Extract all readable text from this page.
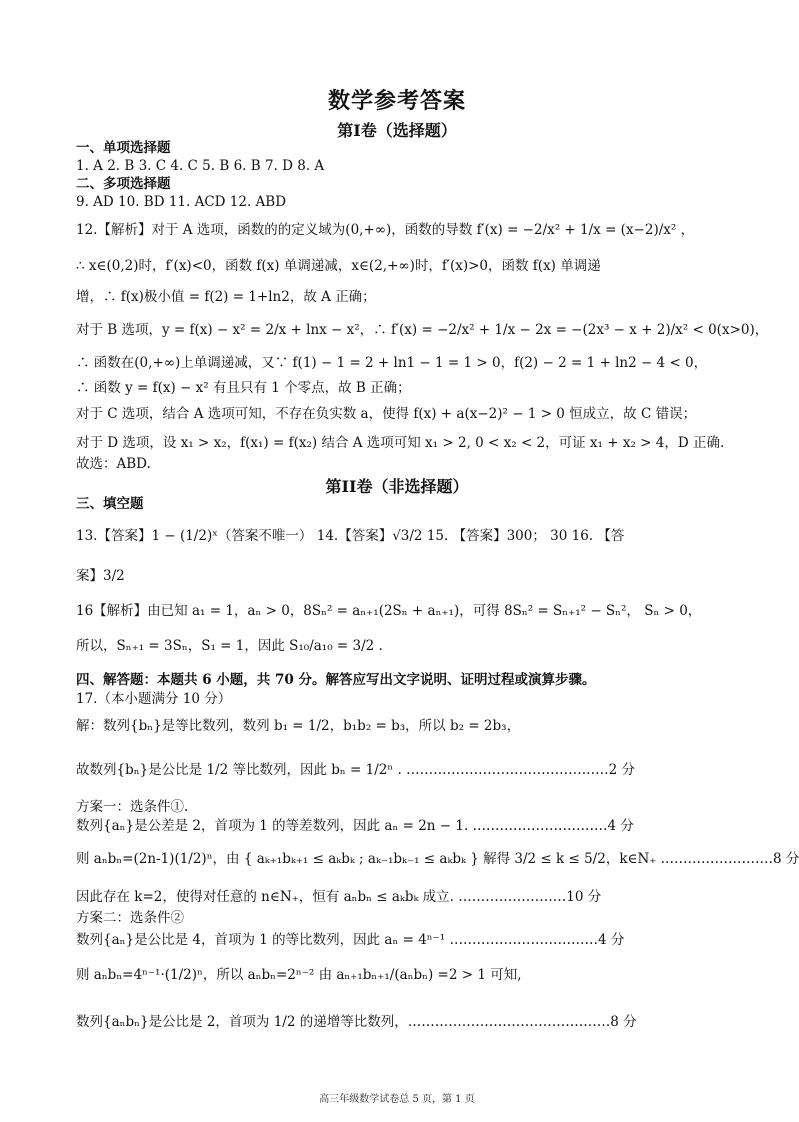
数学参考答案
第Ⅰ卷（选择题）
一、单项选择题
1. A 2. B 3. C 4. C 5. B 6. B 7. D 8. A
二、多项选择题
9. AD 10. BD 11. ACD 12. ABD
12.【解析】对于 A 选项，函数的的定义域为(0,+∞)，函数的导数 f′(x) = −2/x² + 1/x = (x−2)/x² ，
∴ x∈(0,2)时，f′(x)<0，函数 f(x) 单调递减，x∈(2,+∞)时，f′(x)>0，函数 f(x) 单调递
增，∴ f(x)极小值 = f(2) = 1+ln2，故 A 正确；
对于 B 选项，y = f(x) − x² = 2/x + lnx − x²，∴ f′(x) = −2/x² + 1/x − 2x = −(2x³ − x + 2)/x² < 0(x>0)，
∴ 函数在(0,+∞)上单调递减，又∵ f(1) − 1 = 2 + ln1 − 1 = 1 > 0，f(2) − 2 = 1 + ln2 − 4 < 0，
∴ 函数 y = f(x) − x² 有且只有 1 个零点，故 B 正确；
对于 C 选项，结合 A 选项可知，不存在负实数 a，使得 f(x) + a(x−2)² − 1 > 0 恒成立，故 C 错误；
对于 D 选项，设 x₁ > x₂，f(x₁) = f(x₂) 结合 A 选项可知 x₁ > 2, 0 < x₂ < 2，可证 x₁ + x₂ > 4，D 正确.
故选：ABD.
第II卷（非选择题）
三、填空题
13.【答案】1 − (1/2)ˣ（答案不唯一） 14.【答案】√3/2 15. 【答案】300； 30 16. 【答
案】3/2
16【解析】由已知 a₁ = 1，aₙ > 0，8Sₙ² = aₙ₊₁(2Sₙ + aₙ₊₁)，可得 8Sₙ² = Sₙ₊₁² − Sₙ²， Sₙ > 0，
所以，Sₙ₊₁ = 3Sₙ，S₁ = 1，因此 S₁₀/a₁₀ = 3/2 .
四、解答题：本题共 6 小题，共 70 分。解答应写出文字说明、证明过程或演算步骤。
17.（本小题满分 10 分）
解：数列{bₙ}是等比数列，数列 b₁ = 1/2，b₁b₂ = b₃，所以 b₂ = 2b₃，
故数列{bₙ}是公比是 1/2 等比数列，因此 bₙ = 1/2ⁿ . ………………………………………2 分
方案一：选条件①.
数列{aₙ}是公差是 2，首项为 1 的等差数列，因此 aₙ = 2n − 1. …………………………4 分
则 aₙbₙ=(2n-1)(1/2)ⁿ，由 { aₖ₊₁bₖ₊₁ ≤ aₖbₖ ; aₖ₋₁bₖ₋₁ ≤ aₖbₖ } 解得 3/2 ≤ k ≤ 5/2，k∈N₊ .……………………8 分
因此存在 k=2，使得对任意的 n∈N₊，恒有 aₙbₙ ≤ aₖbₖ 成立. ……………………10 分
方案二：选条件②
数列{aₙ}是公比是 4，首项为 1 的等比数列，因此 aₙ = 4ⁿ⁻¹ ……………………………4 分
则 aₙbₙ=4ⁿ⁻¹·(1/2)ⁿ，所以 aₙbₙ=2ⁿ⁻² 由 aₙ₊₁bₙ₊₁/(aₙbₙ) =2 > 1 可知,
数列{aₙbₙ}是公比是 2，首项为 1/2 的递增等比数列，………………………………………8 分
高三年级数学试卷总 5 页，第 1 页
